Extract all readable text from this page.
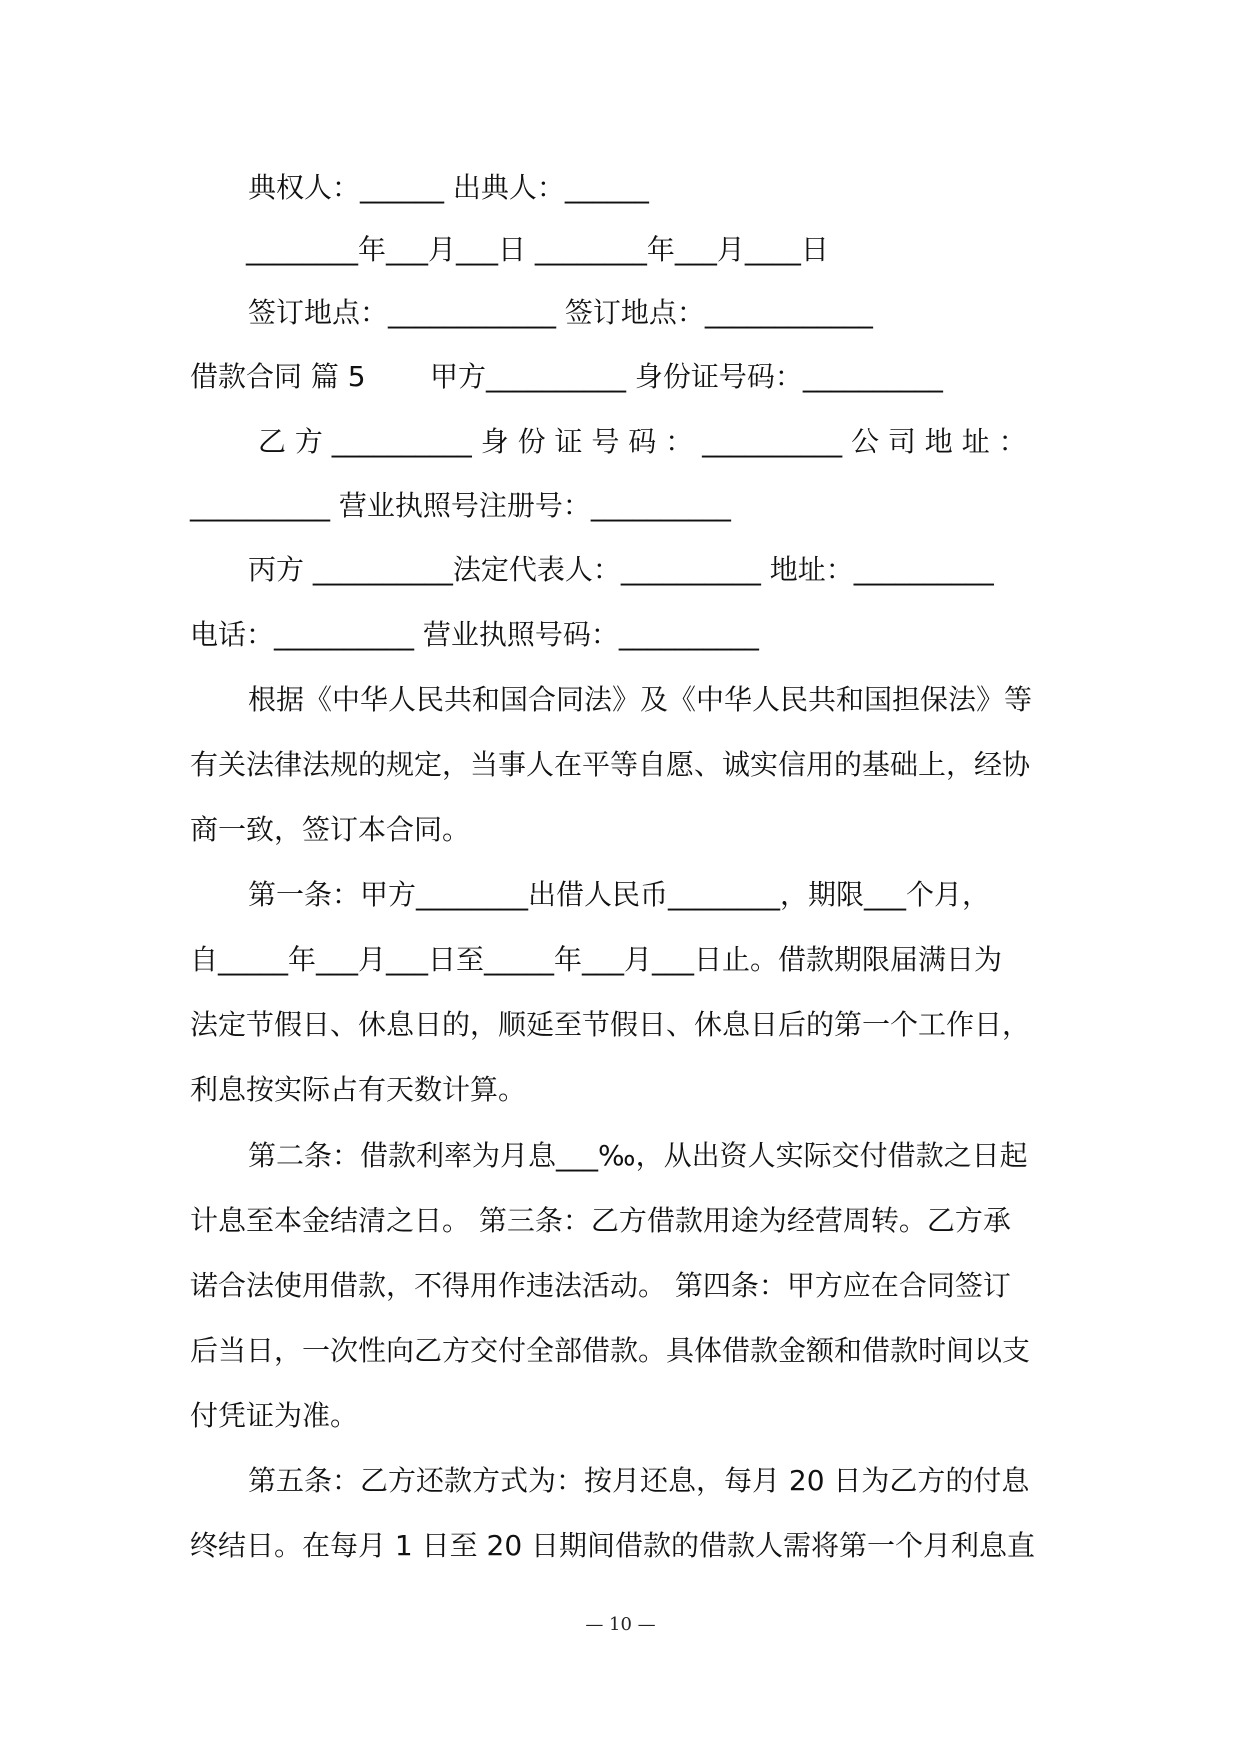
典权人：______ 出典人：______
________年___月___日 ________年___月____日
签订地点：____________ 签订地点：____________
借款合同 篇 5 甲方__________ 身份证号码：__________
乙 方 __________ 身 份 证 号 码 ： __________ 公 司 地 址 ：
__________ 营业执照号注册号：__________
丙方 __________法定代表人：__________ 地址：__________
电话：__________ 营业执照号码：__________
根据《中华人民共和国合同法》及《中华人民共和国担保法》等
有关法律法规的规定，当事人在平等自愿、诚实信用的基础上，经协
商一致，签订本合同。
第一条：甲方________出借人民币________，期限___个月，
自_____年___月___日至_____年___月___日止。借款期限届满日为
法定节假日、休息日的，顺延至节假日、休息日后的第一个工作日，
利息按实际占有天数计算。
第二条：借款利率为月息___‰，从出资人实际交付借款之日起
计息至本金结清之日。 第三条：乙方借款用途为经营周转。乙方承
诺合法使用借款，不得用作违法活动。 第四条：甲方应在合同签订
后当日，一次性向乙方交付全部借款。具体借款金额和借款时间以支
付凭证为准。
第五条：乙方还款方式为：按月还息，每月 20 日为乙方的付息
终结日。在每月 1 日至 20 日期间借款的借款人需将第一个月利息直
— 10 —
